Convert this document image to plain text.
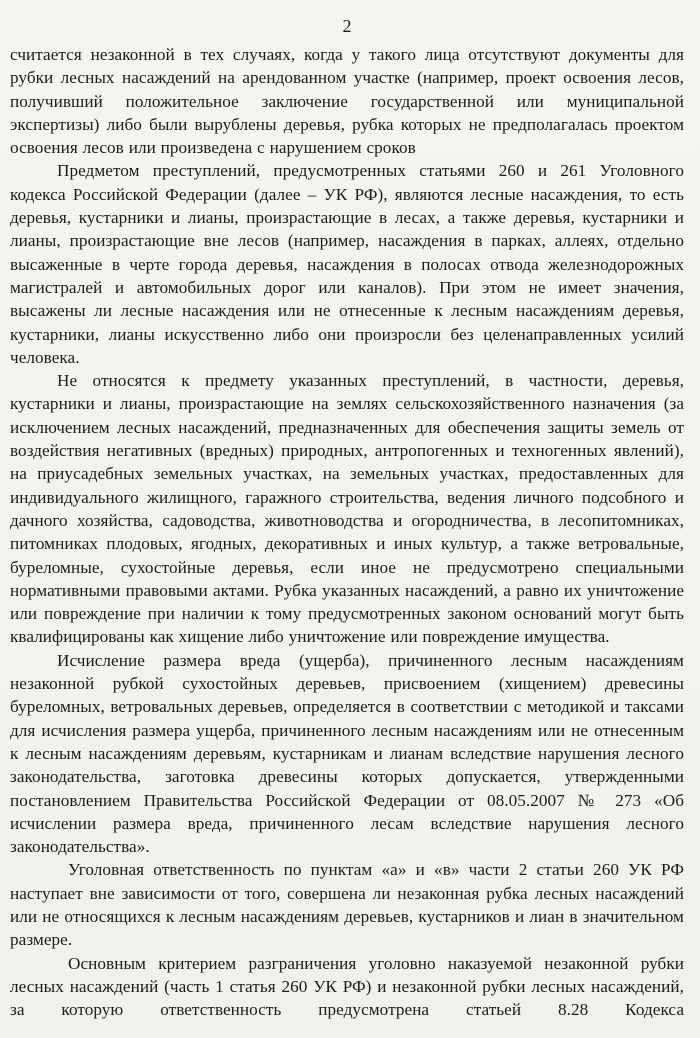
2

считается незаконной в тех случаях, когда у такого лица отсутствуют документы для рубки лесных насаждений на арендованном участке (например, проект освоения лесов, получивший положительное заключение государственной или муниципальной экспертизы) либо были вырублены деревья, рубка которых не предполагалась проектом освоения лесов или произведена с нарушением сроков

Предметом преступлений, предусмотренных статьями 260 и 261 Уголовного кодекса Российской Федерации (далее – УК РФ), являются лесные насаждения, то есть деревья, кустарники и лианы, произрастающие в лесах, а также деревья, кустарники и лианы, произрастающие вне лесов (например, насаждения в парках, аллеях, отдельно высаженные в черте города деревья, насаждения в полосах отвода железнодорожных магистралей и автомобильных дорог или каналов). При этом не имеет значения, высажены ли лесные насаждения или не отнесенные к лесным насаждениям деревья, кустарники, лианы искусственно либо они произросли без целенаправленных усилий человека.

Не относятся к предмету указанных преступлений, в частности, деревья, кустарники и лианы, произрастающие на землях сельскохозяйственного назначения (за исключением лесных насаждений, предназначенных для обеспечения защиты земель от воздействия негативных (вредных) природных, антропогенных и техногенных явлений), на приусадебных земельных участках, на земельных участках, предоставленных для индивидуального жилищного, гаражного строительства, ведения личного подсобного и дачного хозяйства, садоводства, животноводства и огородничества, в лесопитомниках, питомниках плодовых, ягодных, декоративных и иных культур, а также ветровальные, буреломные, сухостойные деревья, если иное не предусмотрено специальными нормативными правовыми актами. Рубка указанных насаждений, а равно их уничтожение или повреждение при наличии к тому предусмотренных законом оснований могут быть квалифицированы как хищение либо уничтожение или повреждение имущества.

Исчисление размера вреда (ущерба), причиненного лесным насаждениям незаконной рубкой сухостойных деревьев, присвоением (хищением) древесины буреломных, ветровальных деревьев, определяется в соответствии с методикой и таксами для исчисления размера ущерба, причиненного лесным насаждениям или не отнесенным к лесным насаждениям деревьям, кустарникам и лианам вследствие нарушения лесного законодательства, заготовка древесины которых допускается, утвержденными постановлением Правительства Российской Федерации от 08.05.2007 № 273 «Об исчислении размера вреда, причиненного лесам вследствие нарушения лесного законодательства».

Уголовная ответственность по пунктам «а» и «в» части 2 статьи 260 УК РФ наступает вне зависимости от того, совершена ли незаконная рубка лесных насаждений или не относящихся к лесным насаждениям деревьев, кустарников и лиан в значительном размере.

Основным критерием разграничения уголовно наказуемой незаконной рубки лесных насаждений (часть 1 статья 260 УК РФ) и незаконной рубки лесных насаждений, за которую ответственность предусмотрена статьей 8.28 Кодекса
